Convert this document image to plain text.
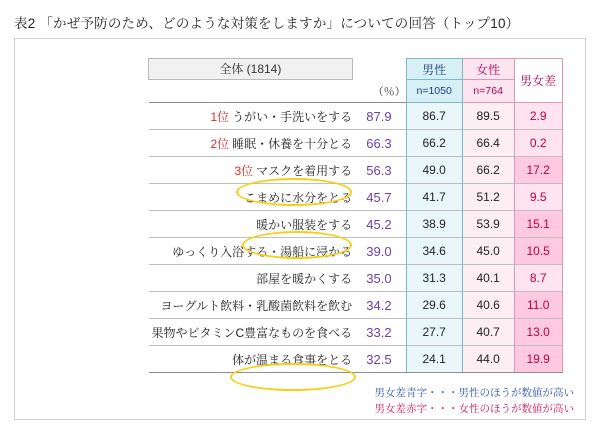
表2 「かぜ予防のため、どのような対策をしますか」についての回答（トップ10）
全体 (1814)		男性	女性	男女差
	（％）	n=1050	n=764	
1位 うがい・手洗いをする	87.9	86.7	89.5	2.9
2位 睡眠・休養を十分とる	66.3	66.2	66.4	0.2
3位 マスクを着用する	56.3	49.0	66.2	17.2
こまめに水分をとる	45.7	41.7	51.2	9.5
暖かい服装をする	45.2	38.9	53.9	15.1
ゆっくり入浴する・湯船に浸かる	39.0	34.6	45.0	10.5
部屋を暖かくする	35.0	31.3	40.1	8.7
ヨーグルト飲料・乳酸菌飲料を飲む	34.2	29.6	40.6	11.0
果物やビタミンC豊富なものを食べる	33.2	27.7	40.7	13.0
体が温まる食事をとる	32.5	24.1	44.0	19.9
男女差青字・・・男性のほうが数値が高い
男女差赤字・・・女性のほうが数値が高い
